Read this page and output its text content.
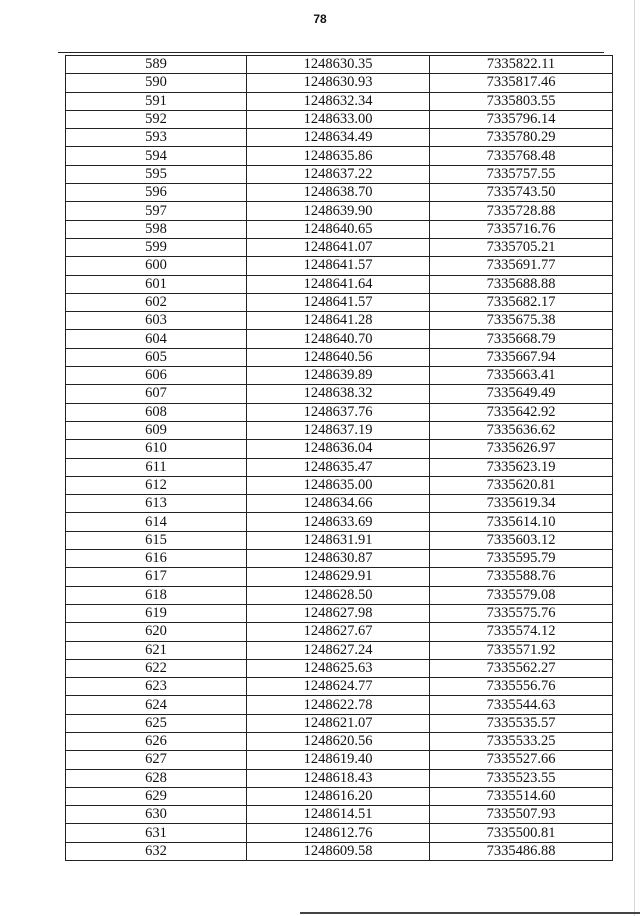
78
589	1248630.35	7335822.11
590	1248630.93	7335817.46
591	1248632.34	7335803.55
592	1248633.00	7335796.14
593	1248634.49	7335780.29
594	1248635.86	7335768.48
595	1248637.22	7335757.55
596	1248638.70	7335743.50
597	1248639.90	7335728.88
598	1248640.65	7335716.76
599	1248641.07	7335705.21
600	1248641.57	7335691.77
601	1248641.64	7335688.88
602	1248641.57	7335682.17
603	1248641.28	7335675.38
604	1248640.70	7335668.79
605	1248640.56	7335667.94
606	1248639.89	7335663.41
607	1248638.32	7335649.49
608	1248637.76	7335642.92
609	1248637.19	7335636.62
610	1248636.04	7335626.97
611	1248635.47	7335623.19
612	1248635.00	7335620.81
613	1248634.66	7335619.34
614	1248633.69	7335614.10
615	1248631.91	7335603.12
616	1248630.87	7335595.79
617	1248629.91	7335588.76
618	1248628.50	7335579.08
619	1248627.98	7335575.76
620	1248627.67	7335574.12
621	1248627.24	7335571.92
622	1248625.63	7335562.27
623	1248624.77	7335556.76
624	1248622.78	7335544.63
625	1248621.07	7335535.57
626	1248620.56	7335533.25
627	1248619.40	7335527.66
628	1248618.43	7335523.55
629	1248616.20	7335514.60
630	1248614.51	7335507.93
631	1248612.76	7335500.81
632	1248609.58	7335486.88
